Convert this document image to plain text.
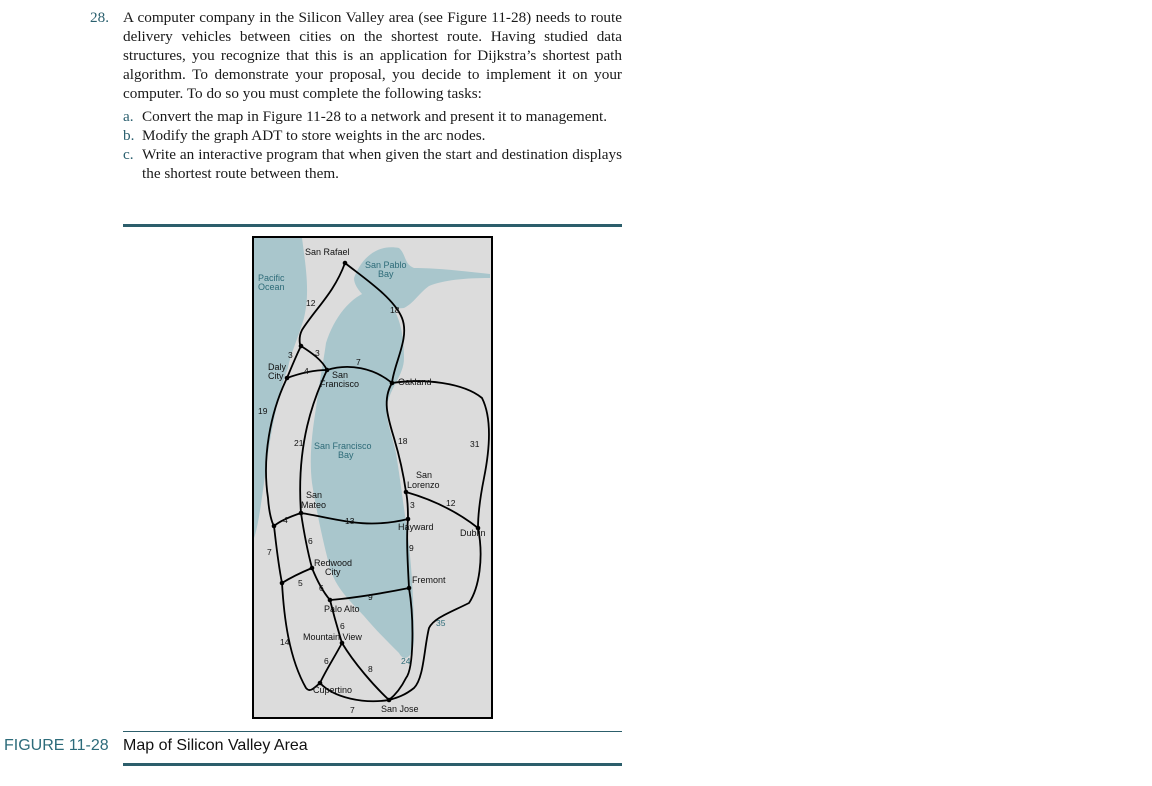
28. A computer company in the Silicon Valley area (see Figure 11-28) needs to route delivery vehicles between cities on the shortest route. Having studied data structures, you recognize that this is an application for Dijkstra’s shortest path algorithm. To demonstrate your proposal, you decide to implement it on your computer. To do so you must complete the following tasks:
a. Convert the map in Figure 11-28 to a network and present it to management.
b. Modify the graph ADT to store weights in the arc nodes.
c. Write an interactive program that when given the start and destination displays the shortest route between them.
Pacific
Ocean
San Pablo
Bay
San Francisco
Bay
San Rafael
Daly
City	San
Francisco	Oakland
San
Lorenzo
San
Mateo
Hayward
Dublin
Redwood
City
Fremont
Palo Alto
Mountain View
Cupertino
San Jose
12
3	3
7
4
18
19
21	18	31
12
3
4	13
6
9
7
5 6
9
6	35
14
6
8
24
7
FIGURE 11-28 Map of Silicon Valley Area
